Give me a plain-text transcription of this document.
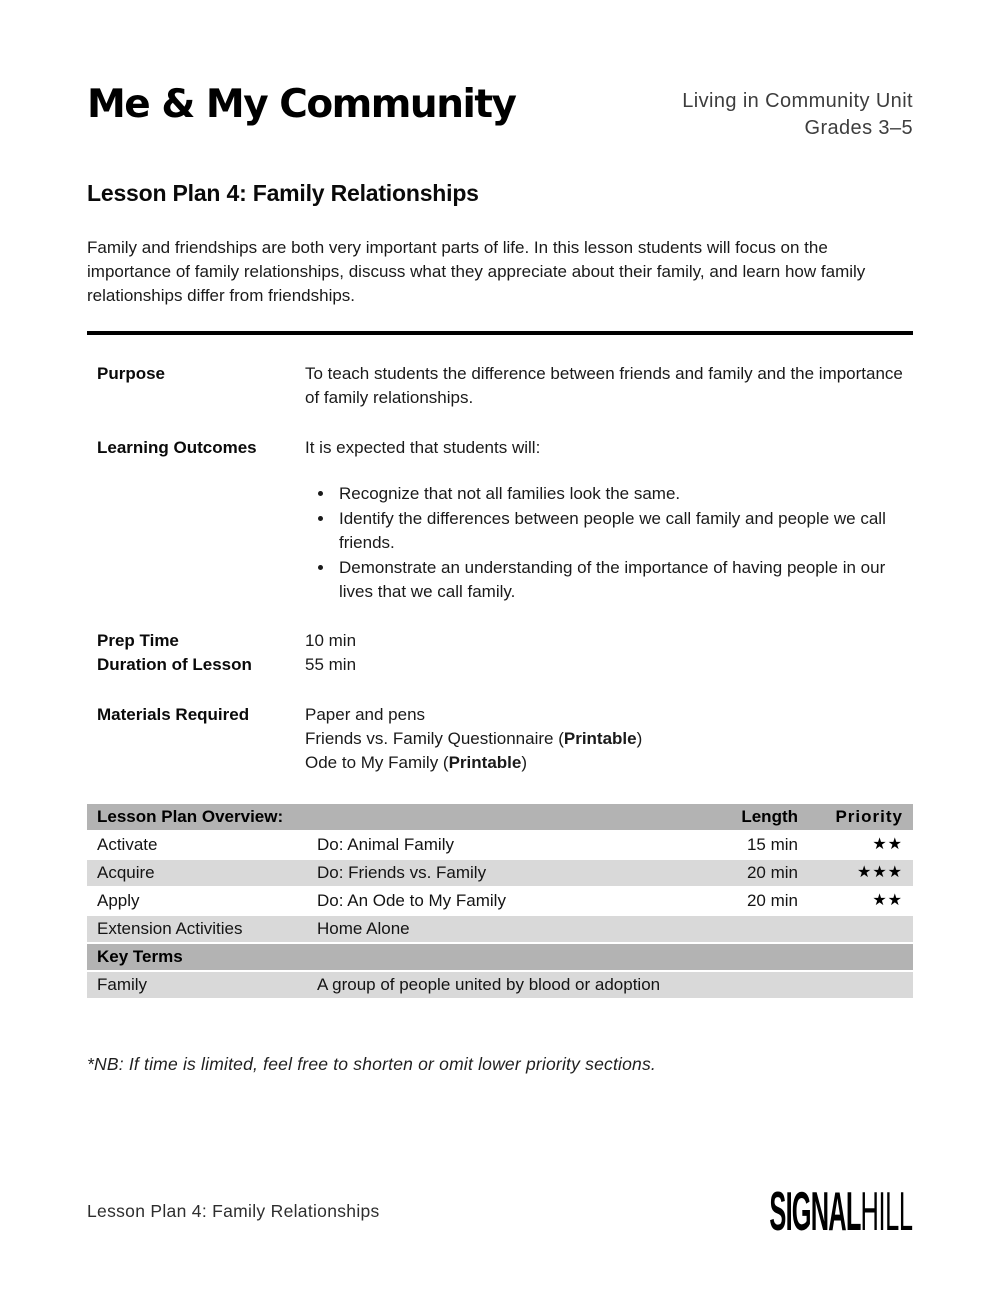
Me & My Community	Living in Community Unit
Grades 3–5
Lesson Plan 4: Family Relationships

Family and friendships are both very important parts of life. In this lesson students will focus on the importance of family relationships, discuss what they appreciate about their family, and learn how family relationships differ from friendships.

Purpose	To teach students the difference between friends and family and the importance of family relationships.
Learning Outcomes	It is expected that students will:
• Recognize that not all families look the same.
• Identify the differences between people we call family and people we call friends.
• Demonstrate an understanding of the importance of having people in our lives that we call family.
Prep Time	10 min
Duration of Lesson	55 min
Materials Required	Paper and pens
Friends vs. Family Questionnaire (Printable)
Ode to My Family (Printable)
Lesson Plan Overview:		Length	Priority
Activate	Do: Animal Family	15 min	★★
Acquire	Do: Friends vs. Family	20 min	★★★
Apply	Do: An Ode to My Family	20 min	★★
Extension Activities	Home Alone		
Key Terms			
Family	A group of people united by blood or adoption		

*NB: If time is limited, feel free to shorten or omit lower priority sections.

Lesson Plan 4: Family Relationships	SIGNALHILL
